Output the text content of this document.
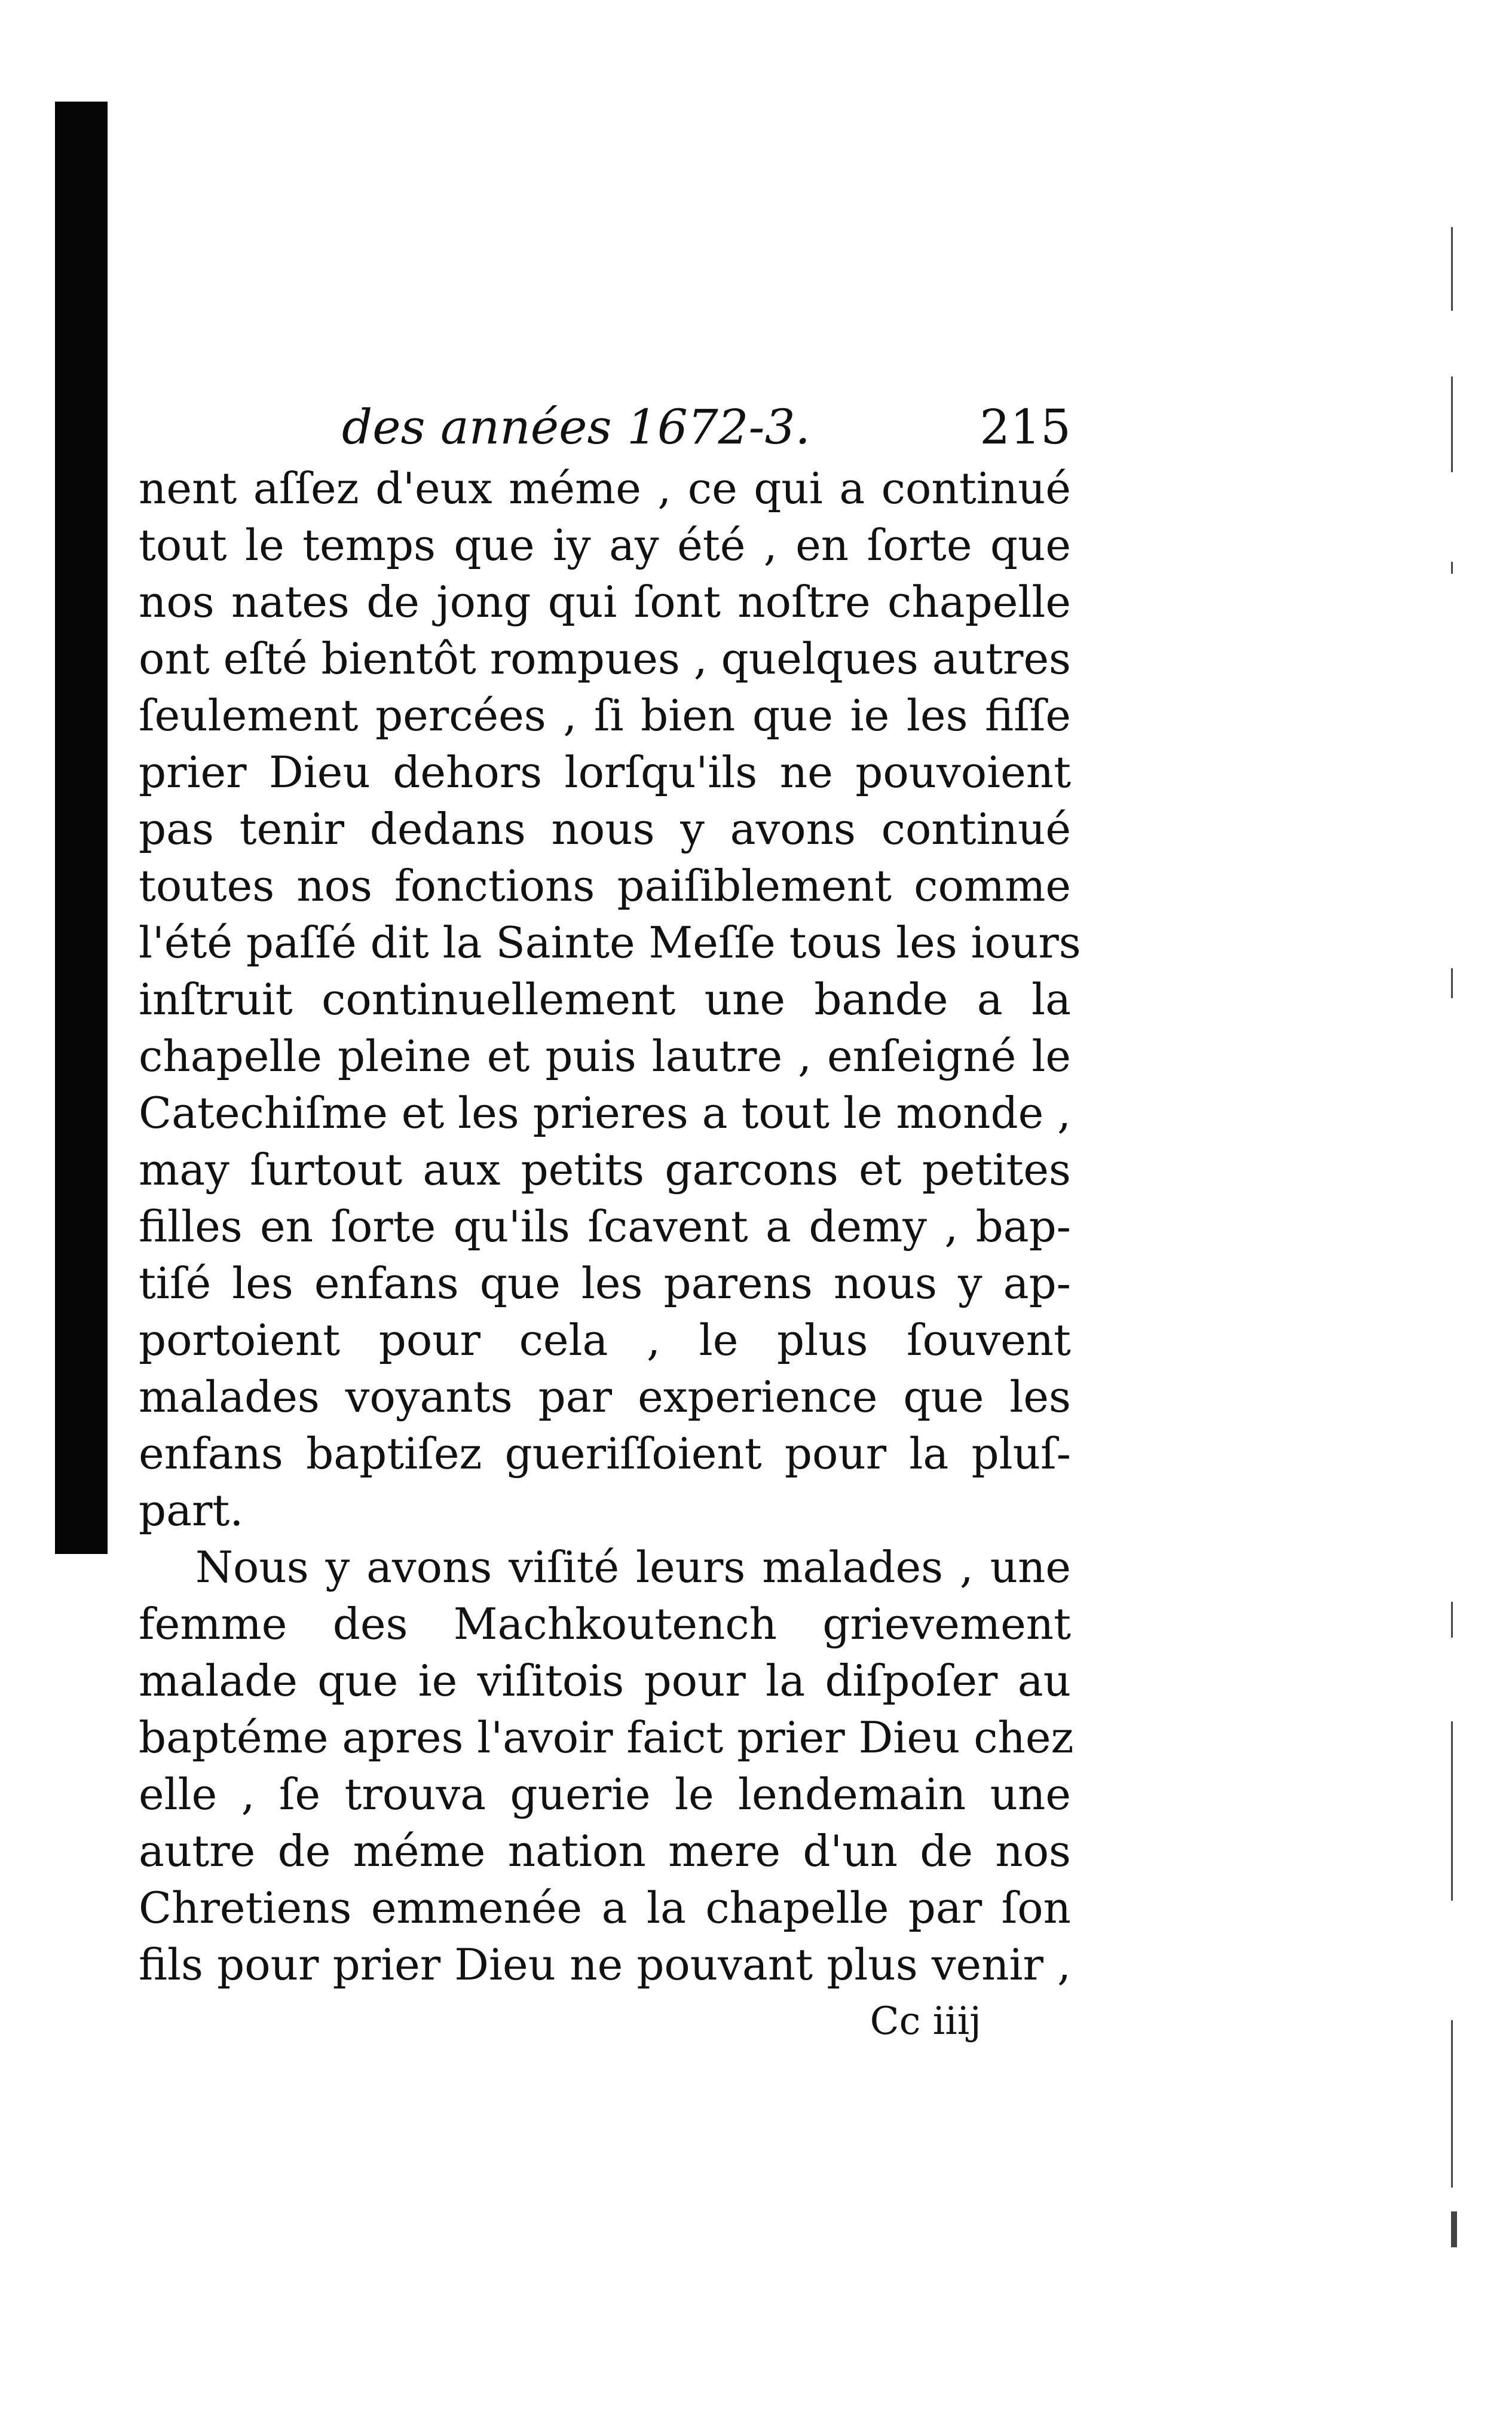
des années 1672-3.	215
nent aſſez d'eux méme , ce qui a continué
tout le temps que iy ay été , en ſorte que
nos nates de jong qui ſont noſtre chapelle
ont eſté bientôt rompues , quelques autres
ſeulement percées , ſi bien que ie les fiſſe
prier Dieu dehors lorſqu'ils ne pouvoient
pas tenir dedans nous y avons continué
toutes nos fonctions paiſiblement comme
l'été paſſé dit la Sainte Meſſe tous les iours
inſtruit continuellement une bande a la
chapelle pleine et puis lautre , enſeigné le
Catechiſme et les prieres a tout le monde ,
may ſurtout aux petits garcons et petites
filles en ſorte qu'ils ſcavent a demy , bap-
tiſé les enfans que les parens nous y ap-
portoient pour cela , le plus ſouvent
malades voyants par experience que les
enfans baptiſez gueriſſoient pour la pluſ-
part.
Nous y avons viſité leurs malades , une
femme des Machkoutench grievement
malade que ie viſitois pour la diſpoſer au
baptéme apres l'avoir faict prier Dieu chez
elle , ſe trouva guerie le lendemain une
autre de méme nation mere d'un de nos
Chretiens emmenée a la chapelle par ſon
fils pour prier Dieu ne pouvant plus venir ,
Cc iiij
